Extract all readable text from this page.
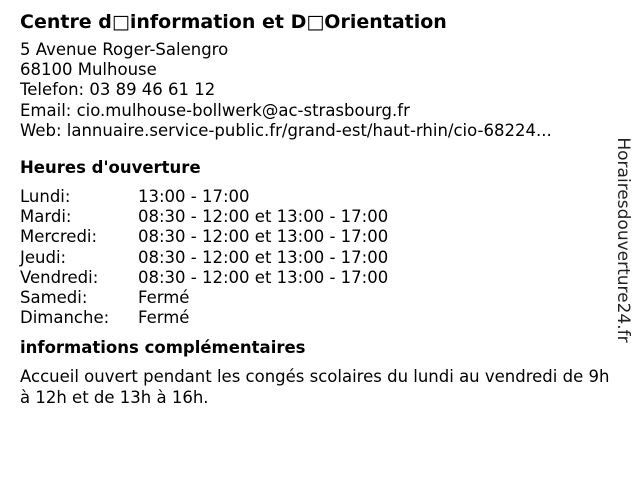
Centre d□information et D□Orientation
5 Avenue Roger-Salengro
68100 Mulhouse
Telefon: 03 89 46 61 12
Email: cio.mulhouse-bollwerk@ac-strasbourg.fr
Web: lannuaire.service-public.fr/grand-est/haut-rhin/cio-68224...
Heures d'ouverture
Lundi:	13:00 - 17:00
Mardi:	08:30 - 12:00 et 13:00 - 17:00
Mercredi:	08:30 - 12:00 et 13:00 - 17:00
Jeudi:	08:30 - 12:00 et 13:00 - 17:00
Vendredi:	08:30 - 12:00 et 13:00 - 17:00
Samedi:	Fermé
Dimanche:	Fermé
informations complémentaires
Accueil ouvert pendant les congés scolaires du lundi au vendredi de 9h à 12h et de 13h à 16h.
Horairesdouverture24.fr
